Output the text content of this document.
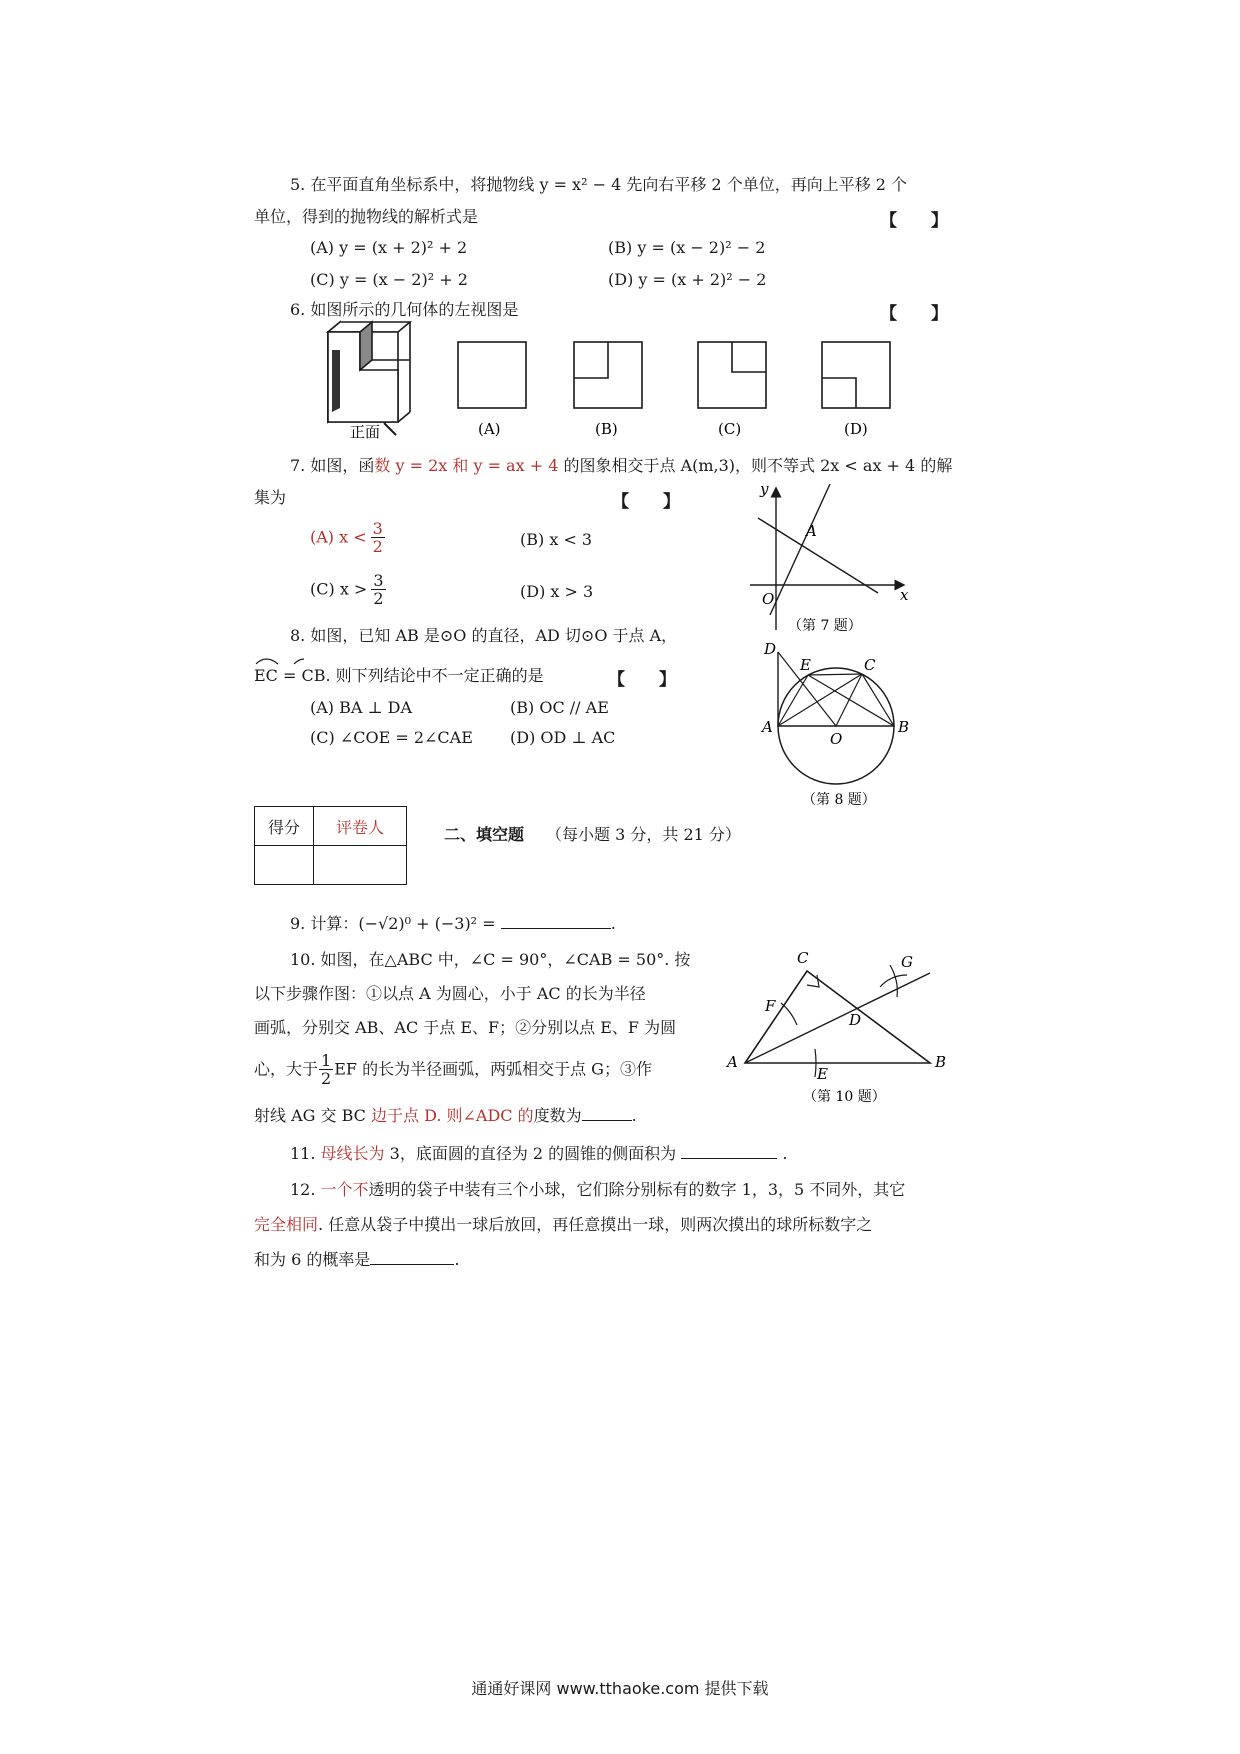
5. 在平面直角坐标系中，将抛物线 y = x² − 4 先向右平移 2 个单位，再向上平移 2 个
单位，得到的抛物线的解析式是	【　　】
(A) y = (x + 2)² + 2	(B) y = (x − 2)² − 2
(C) y = (x − 2)² + 2	(D) y = (x + 2)² − 2
6. 如图所示的几何体的左视图是	【　　】
正面	(A)	(B)	(C)	(D)
7. 如图，函数 y = 2x 和 y = ax + 4 的图象相交于点 A(m,3)，则不等式 2x < ax + 4 的解
集为	【　　】
(A) $x < \frac{3}{2}$	(B) x < 3
(C) $x > \frac{3}{2}$	(D) x > 3
y
x
O
A
（第 7 题）
8. 如图，已知 AB 是⊙O 的直径，AD 切⊙O 于点 A，
EC = CB. 则下列结论中不一定正确的是	【　　】
(A) BA ⊥ DA	(B) OC // AE
(C) ∠COE = 2∠CAE (D) OD ⊥ AC
D
E	C
A
O
B
（第 8 题）
得分	评卷人
		二、填空题 （每小题 3 分，共 21 分）
9. 计算：(−√2)⁰ + (−3)² =	.
10. 如图，在△ABC 中，∠C = 90°，∠CAB = 50°. 按
以下步骤作图：①以点 A 为圆心，小于 AC 的长为半径
画弧，分别交 AB、AC 于点 E、F；②分别以点 E、F 为圆
心，大于 $\frac{1}{2}$ EF 的长为半径画弧，两弧相交于点 G；③作
射线 AG 交 BC 边于点 D. 则∠ADC 的度数为	.
C	G
F
D
A
E
B
（第 10 题）
11. 母线长为 3，底面圆的直径为 2 的圆锥的侧面积为	.
12. 一个不透明的袋子中装有三个小球，它们除分别标有的数字 1，3，5 不同外，其它
完全相同. 任意从袋子中摸出一球后放回，再任意摸出一球，则两次摸出的球所标数字之
和为 6 的概率是	.
通通好课网 www.tthaoke.com 提供下载
